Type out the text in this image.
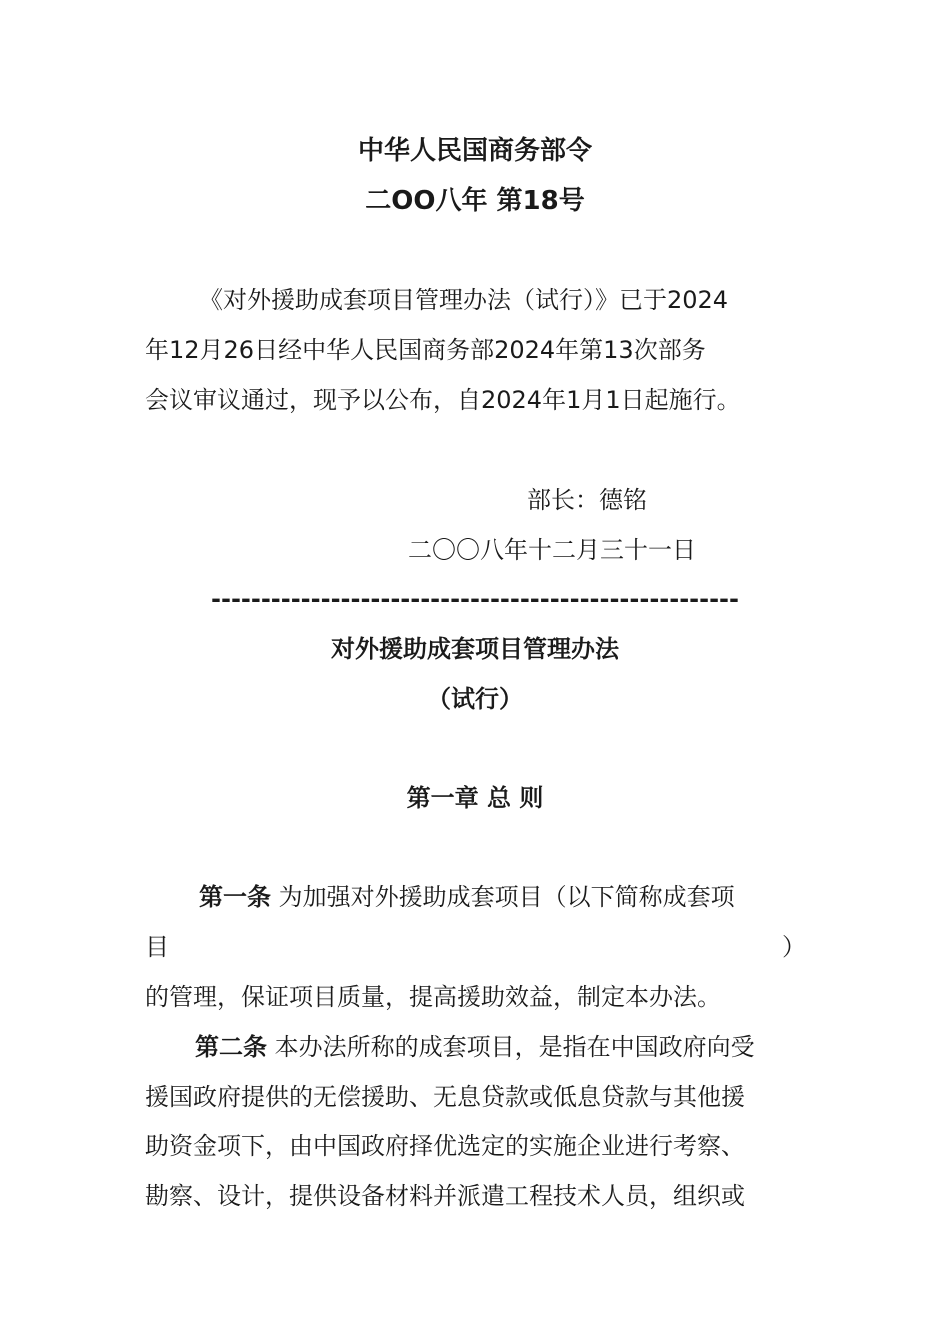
中华人民国商务部令
二OO八年 第18号
《对外援助成套项目管理办法（试行）》已于2024
年12月26日经中华人民国商务部2024年第13次部务
会议审议通过，现予以公布，自2024年1月1日起施行。
部长：德铭
二〇〇八年十二月三十一日
-----------------------------------------------------
对外援助成套项目管理办法
（试行）
第一章 总 则
第一条 为加强对外援助成套项目（以下简称成套项
目	）
的管理，保证项目质量，提高援助效益，制定本办法。
第二条 本办法所称的成套项目，是指在中国政府向受
援国政府提供的无偿援助、无息贷款或低息贷款与其他援
助资金项下，由中国政府择优选定的实施企业进行考察、
勘察、设计，提供设备材料并派遣工程技术人员，组织或
